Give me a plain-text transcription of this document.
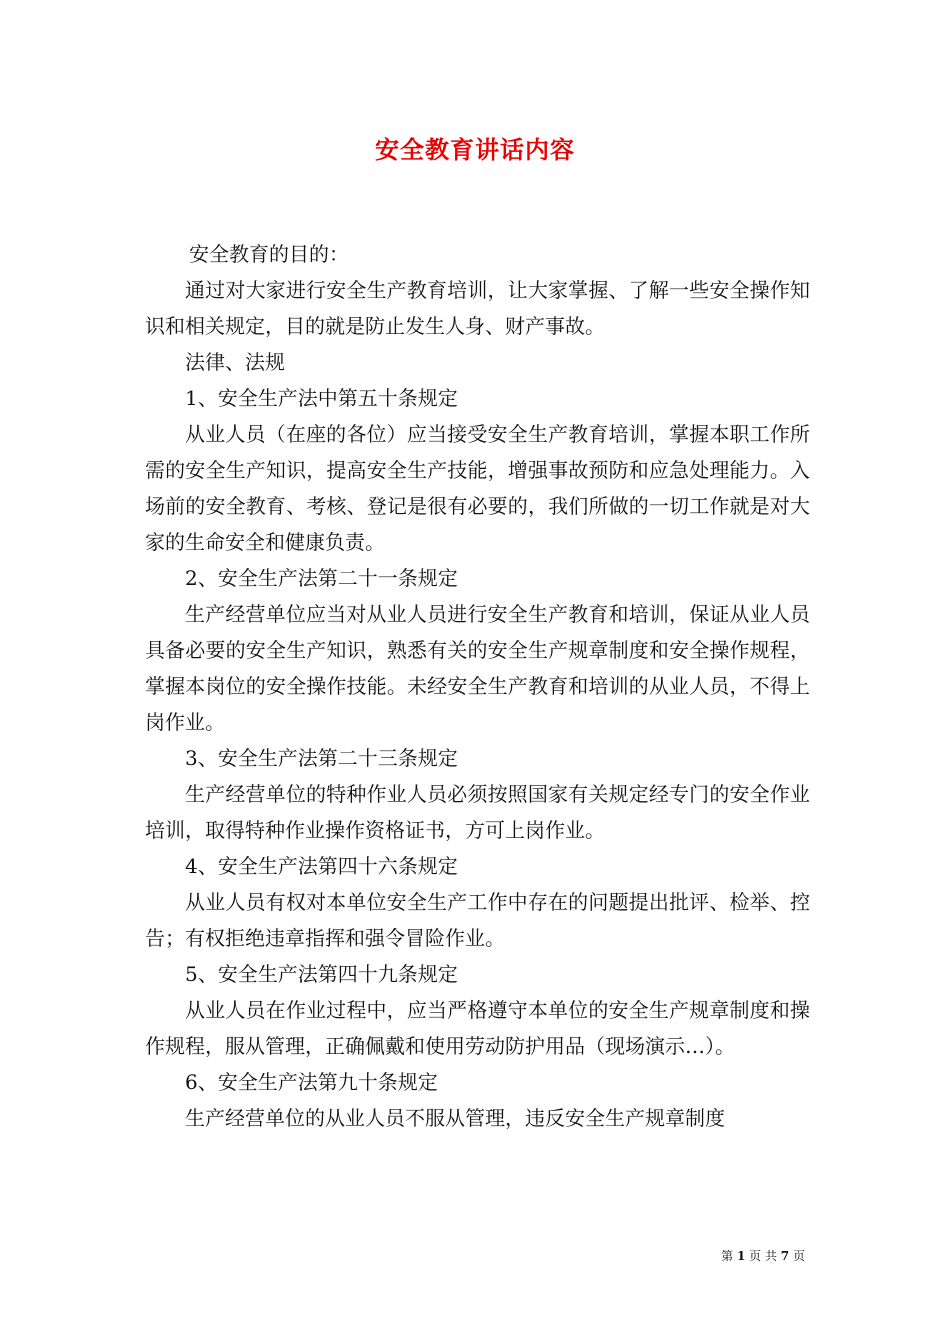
安全教育讲话内容

安全教育的目的：

通过对大家进行安全生产教育培训，让大家掌握、了解一些安全操作知识和相关规定，目的就是防止发生人身、财产事故。

法律、法规

1、安全生产法中第五十条规定

从业人员（在座的各位）应当接受安全生产教育培训，掌握本职工作所需的安全生产知识，提高安全生产技能，增强事故预防和应急处理能力。入场前的安全教育、考核、登记是很有必要的，我们所做的一切工作就是对大家的生命安全和健康负责。

2、安全生产法第二十一条规定

生产经营单位应当对从业人员进行安全生产教育和培训，保证从业人员具备必要的安全生产知识，熟悉有关的安全生产规章制度和安全操作规程，掌握本岗位的安全操作技能。未经安全生产教育和培训的从业人员，不得上岗作业。

3、安全生产法第二十三条规定

生产经营单位的特种作业人员必须按照国家有关规定经专门的安全作业培训，取得特种作业操作资格证书，方可上岗作业。

4、安全生产法第四十六条规定

从业人员有权对本单位安全生产工作中存在的问题提出批评、检举、控告；有权拒绝违章指挥和强令冒险作业。

5、安全生产法第四十九条规定

从业人员在作业过程中，应当严格遵守本单位的安全生产规章制度和操作规程，服从管理，正确佩戴和使用劳动防护用品（现场演示…）。

6、安全生产法第九十条规定

生产经营单位的从业人员不服从管理，违反安全生产规章制度

第 1 页 共 7 页
